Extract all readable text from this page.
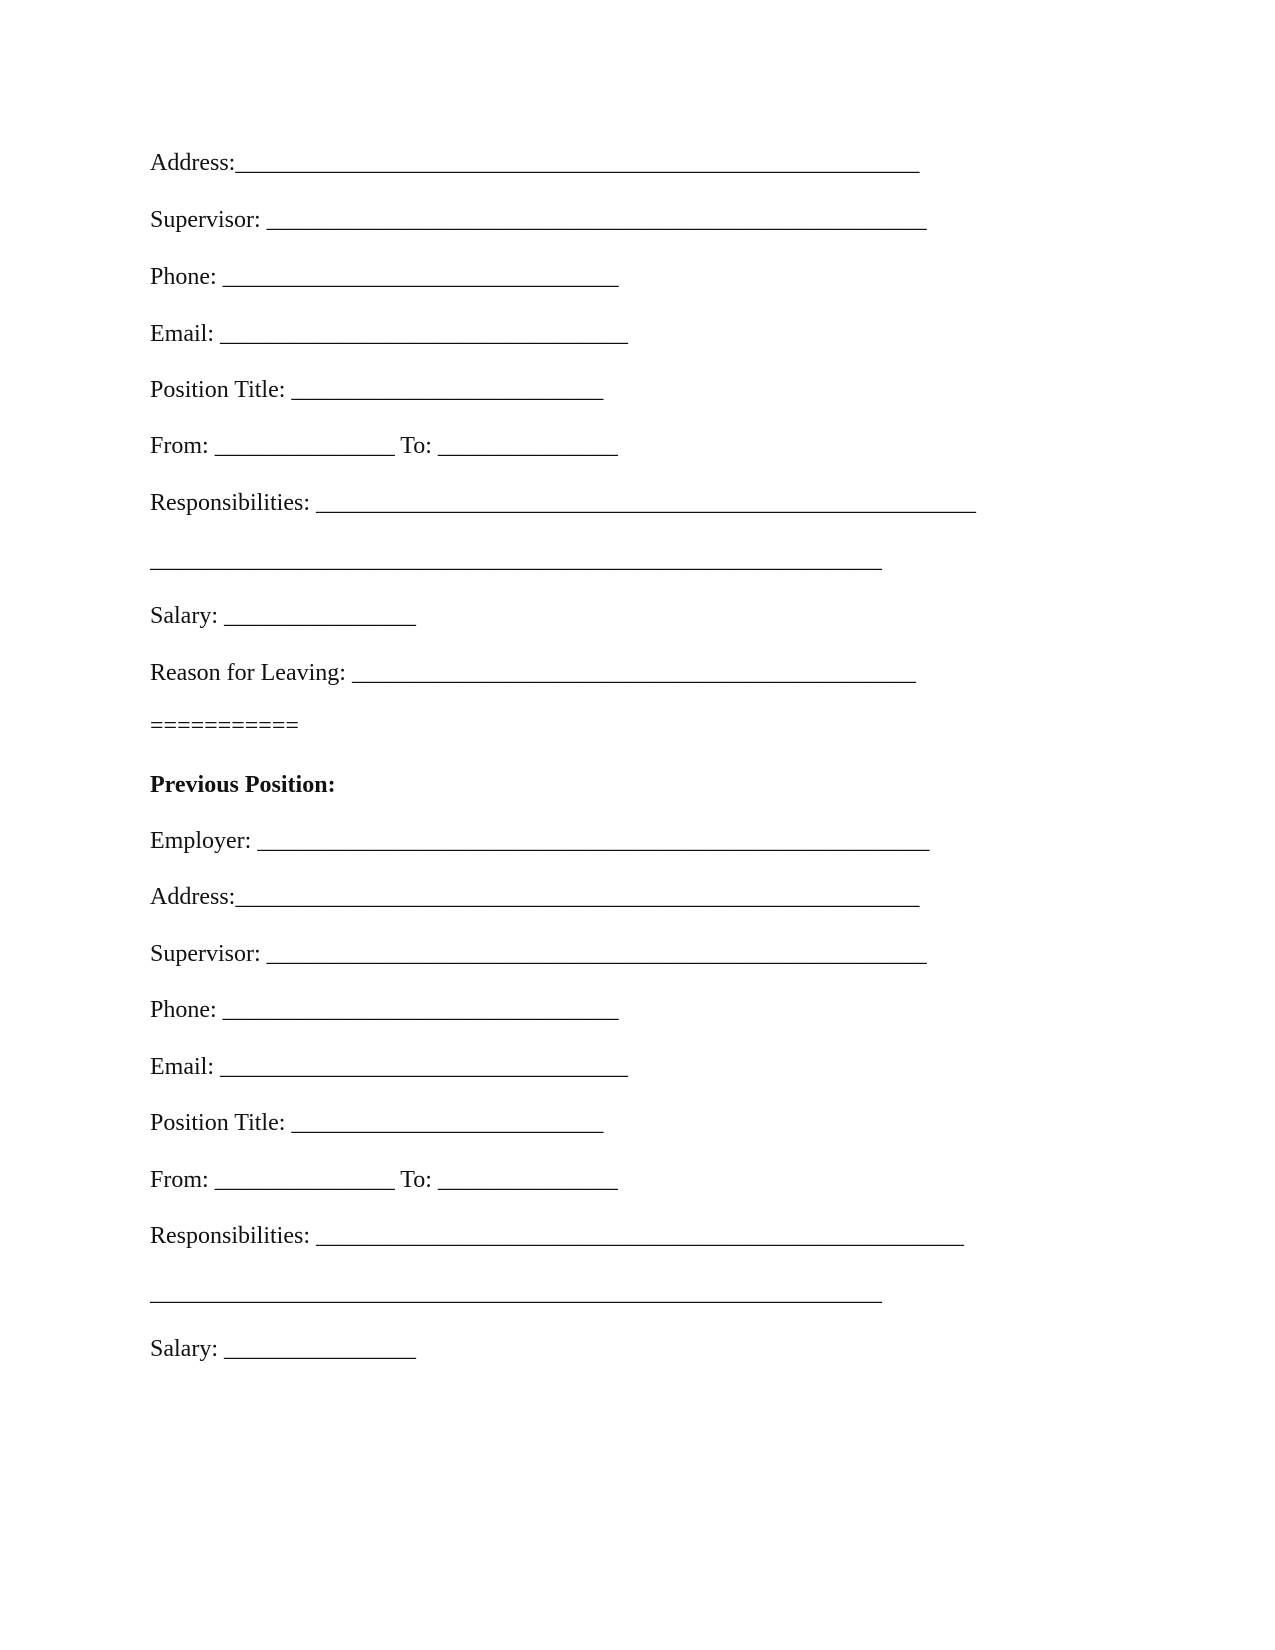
Address:_________________________________________________________
Supervisor: _______________________________________________________
Phone: _________________________________
Email: __________________________________
Position Title: __________________________
From: _______________ To: _______________
Responsibilities: _______________________________________________________
_____________________________________________________________
Salary: ________________
Reason for Leaving: _______________________________________________
===========
Previous Position:
Employer: ________________________________________________________
Address:_________________________________________________________
Supervisor: _______________________________________________________
Phone: _________________________________
Email: __________________________________
Position Title: __________________________
From: _______________ To: _______________
Responsibilities: ______________________________________________________
_____________________________________________________________
Salary: ________________
